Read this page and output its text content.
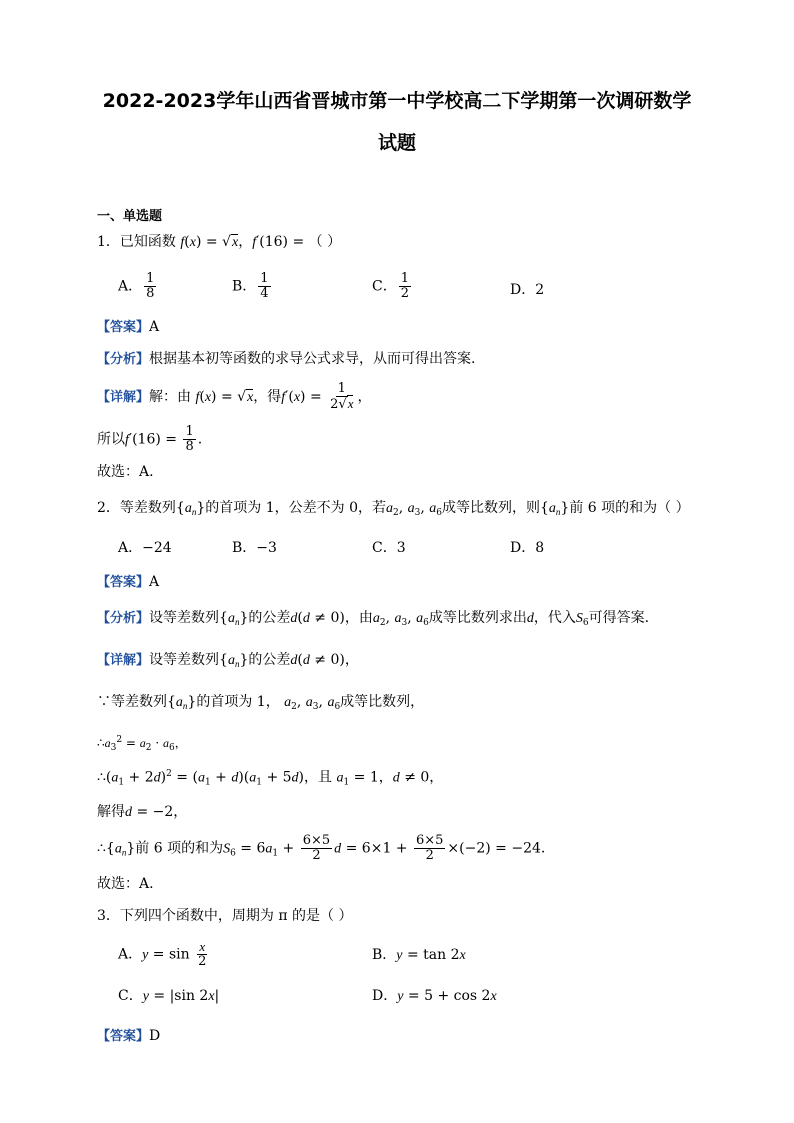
2022-2023学年山西省晋城市第一中学校高二下学期第一次调研数学
试题
一、单选题
1．已知函数 f(x) = √x，f′(16) = （ ）
A． $\frac{1}{8}$	B． $\frac{1}{4}$	C． $\frac{1}{2}$	D．2
【答案】A
【分析】根据基本初等函数的求导公式求导，从而可得出答案.
【详解】解：由 f(x) = √x，得$f'(x) = \frac{1}{2√x}$ ，
所以$f'(16) = \frac{1}{8}$ .
故选：A.
2．等差数列$\{a_n\}$的首项为 1，公差不为 0，若$a_2$, $a_3$, $a_6$成等比数列，则$\{a_n\}$前 6 项的和为（ ）
A．−24	B．−3	C．3	D．8
【答案】A
【分析】设等差数列$\{a_n\}$的公差d(d ≠ 0)，由$a_2$, $a_3$, $a_6$成等比数列求出d，代入$S_6$可得答案.
【详解】设等差数列$\{a_n\}$的公差d(d ≠ 0)，
∵等差数列$\{a_n\}$的首项为 1， $a_2$, $a_3$, $a_6$成等比数列，
$\therefore a_3^2 = a_2 \cdot a_6$，
$\therefore(a_1 + 2d)^2 = (a_1 + d)(a_1 + 5d)$，且 $a_1 = 1$，d ≠ 0，
解得d = −2，
$\therefore\{a_n\}$前 6 项的和为$S_6 = 6a_1 + \frac{6\times 5}{2}$ $d = 6\times 1 + \frac{6\times 5}{2} \times(-2) = -24$.
故选：A.
3．下列四个函数中，周期为 π 的是（ ）
A．$y = \sin \frac{x}{2}$	B．y = tan 2x
C．y = |sin 2x|	D．y = 5 + cos 2x
【答案】D
